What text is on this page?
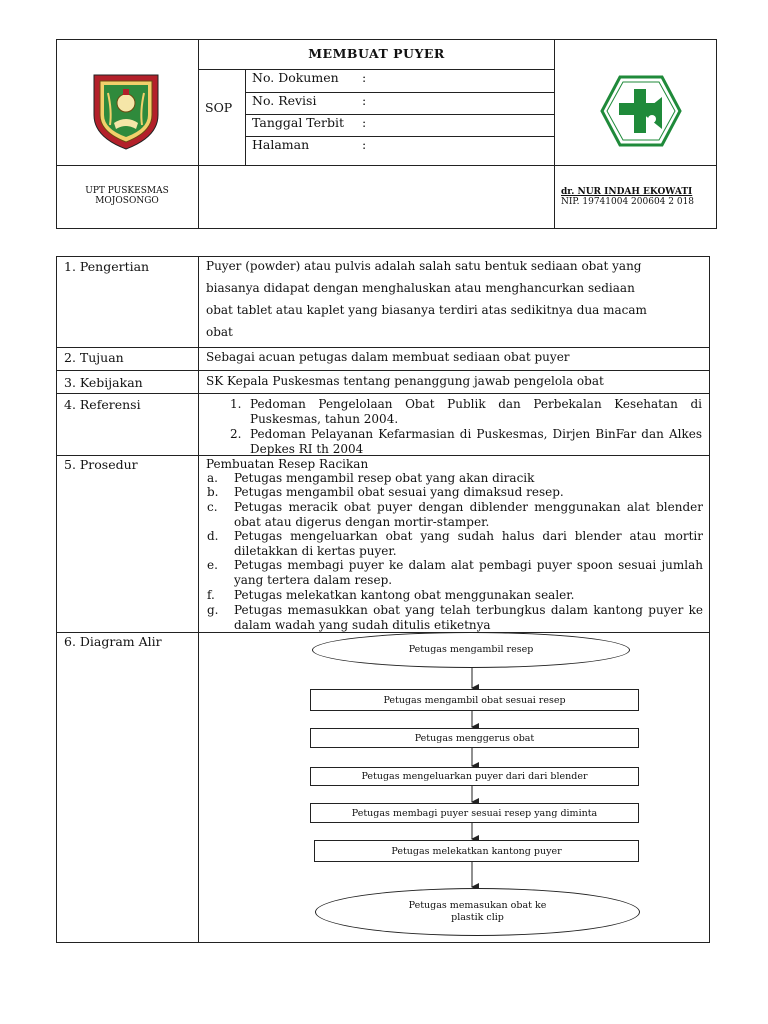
MEMBUAT PUYER
SOP
No. Dokumen :
No. Revisi	:
Tanggal Terbit :
Halaman	:
UPT PUSKESMAS
MOJOSONGO
dr. NUR INDAH EKOWATI
NIP. 19741004 200604 2 018
1. Pengertian	Puyer (powder) atau pulvis adalah salah satu bentuk sediaan obat yang
biasanya didapat dengan menghaluskan atau menghancurkan sediaan
obat tablet atau kaplet yang biasanya terdiri atas sedikitnya dua macam
obat
2. Tujuan	Sebagai acuan petugas dalam membuat sediaan obat puyer
3. Kebijakan	SK Kepala Puskesmas tentang penanggung jawab pengelola obat
4. Referensi	1. Pedoman Pengelolaan Obat Publik dan Perbekalan Kesehatan di Puskesmas, tahun 2004.
2. Pedoman Pelayanan Kefarmasian di Puskesmas, Dirjen BinFar dan Alkes Depkes RI th 2004
5. Prosedur	Pembuatan Resep Racikan
a. Petugas mengambil resep obat yang akan diracik
b. Petugas mengambil obat sesuai yang dimaksud resep.
c. Petugas meracik obat puyer dengan diblender menggunakan alat blender obat atau digerus dengan mortir-stamper.
d. Petugas mengeluarkan obat yang sudah halus dari blender atau mortir diletakkan di kertas puyer.
e. Petugas membagi puyer ke dalam alat pembagi puyer spoon sesuai jumlah yang tertera dalam resep.
f. Petugas melekatkan kantong obat menggunakan sealer.
g. Petugas memasukkan obat yang telah terbungkus dalam kantong puyer ke dalam wadah yang sudah ditulis etiketnya
6. Diagram Alir
Petugas mengambil resep
Petugas mengambil obat sesuai resep
Petugas menggerus obat
Petugas mengeluarkan puyer dari dari blender
Petugas membagi puyer sesuai resep yang diminta
Petugas melekatkan kantong puyer
Petugas memasukan obat ke plastik clip
